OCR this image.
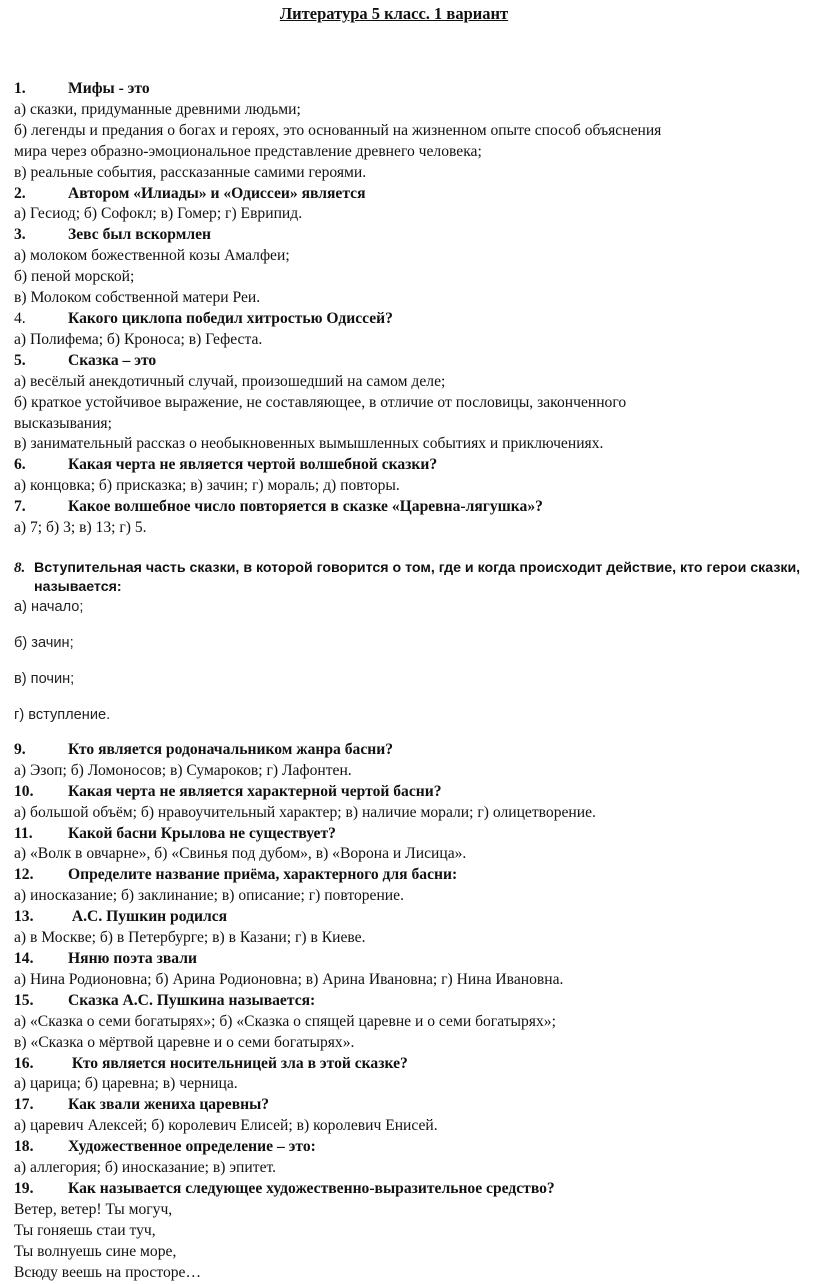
Литература 5 класс. 1 вариант
1.	Мифы - это
а) сказки, придуманные древними людьми;
б) легенды и предания о богах и героях, это основанный на жизненном опыте способ объяснения
мира через образно-эмоциональное представление древнего человека;
в) реальные события, рассказанные самими героями.
2.	Автором «Илиады» и «Одиссеи» является
а) Гесиод; б) Софокл; в) Гомер; г) Еврипид.
3.	Зевс был вскормлен
а) молоком божественной козы Амалфеи;
б) пеной морской;
в) Молоком собственной матери Реи.
4.	Какого циклопа победил хитростью Одиссей?
а) Полифема; б) Кроноса; в) Гефеста.
5.	Сказка – это
а) весёлый анекдотичный случай, произошедший на самом деле;
б) краткое устойчивое выражение, не составляющее, в отличие от пословицы, законченного
высказывания;
в) занимательный рассказ о необыкновенных вымышленных событиях и приключениях.
6.	Какая черта не является чертой волшебной сказки?
а) концовка; б) присказка; в) зачин; г) мораль; д) повторы.
7.	Какое волшебное число повторяется в сказке «Царевна-лягушка»?
а) 7; б) 3; в) 13; г) 5.
8. Вступительная часть сказки, в которой говорится о том, где и когда происходит действие, кто герои сказки, называется:
а) начало;
б) зачин;
в) почин;
г) вступление.
9.	Кто является родоначальником жанра басни?
а) Эзоп; б) Ломоносов; в) Сумароков; г) Лафонтен.
10. Какая черта не является характерной чертой басни?
а) большой объём; б) нравоучительный характер; в) наличие морали; г) олицетворение.
11. Какой басни Крылова не существует?
а) «Волк в овчарне», б) «Свинья под дубом», в) «Ворона и Лисица».
12. Определите название приёма, характерного для басни:
а) иносказание; б) заклинание; в) описание; г) повторение.
13. А.С. Пушкин родился
а) в Москве; б) в Петербурге; в) в Казани; г) в Киеве.
14. Няню поэта звали
а) Нина Родионовна; б) Арина Родионовна; в) Арина Ивановна; г) Нина Ивановна.
15. Сказка А.С. Пушкина называется:
а) «Сказка о семи богатырях»; б) «Сказка о спящей царевне и о семи богатырях»;
в) «Сказка о мёртвой царевне и о семи богатырях».
16. Кто является носительницей зла в этой сказке?
а) царица; б) царевна; в) черница.
17. Как звали жениха царевны?
а) царевич Алексей; б) королевич Елисей; в) королевич Енисей.
18. Художественное определение – это:
а) аллегория; б) иносказание; в) эпитет.
19. Как называется следующее художественно-выразительное средство?
Ветер, ветер! Ты могуч,
Ты гоняешь стаи туч,
Ты волнуешь сине море,
Всюду веешь на просторе…
